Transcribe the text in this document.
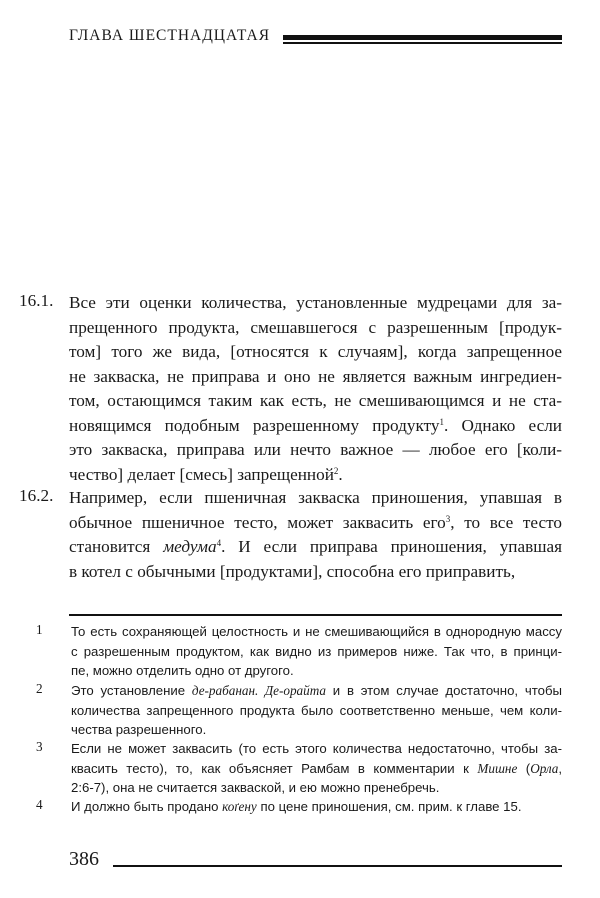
ГЛАВА ШЕСТНАДЦАТАЯ
16.1. Все эти оценки количества, установленные мудрецами для за-
прещенного продукта, смешавшегося с разрешенным [продук-
том] того же вида, [относятся к случаям], когда запрещенное
не закваска, не приправа и оно не является важным ингредиен-
том, остающимся таким как есть, не смешивающимся и не ста-
новящимся подобным разрешенному продукту$^1$. Однако если
это закваска, приправа или нечто важное — любое его [коли-
чество] делает [смесь] запрещенной$^2$.
16.2. Например, если пшеничная закваска приношения, упавшая в
обычное пшеничное тесто, может заквасить его$^3$, то все тесто
становится медума$^4$. И если приправа приношения, упавшая
в котел с обычными [продуктами], способна его приправить,
1 То есть сохраняющей целостность и не смешивающийся в однородную массу
с разрешенным продуктом, как видно из примеров ниже. Так что, в принци-
пе, можно отделить одно от другого.
2 Это установление де-рабанан. Де-орайта и в этом случае достаточно, чтобы
количества запрещенного продукта было соответственно меньше, чем коли-
чества разрешенного.
3 Если не может заквасить (то есть этого количества недостаточно, чтобы за-
квасить тесто), то, как объясняет Рамбам в комментарии к Мишне (Орла,
2:6-7), она не считается закваской, и ею можно пренебречь.
4 И должно быть продано коґену по цене приношения, см. прим. к главе 15.
386
